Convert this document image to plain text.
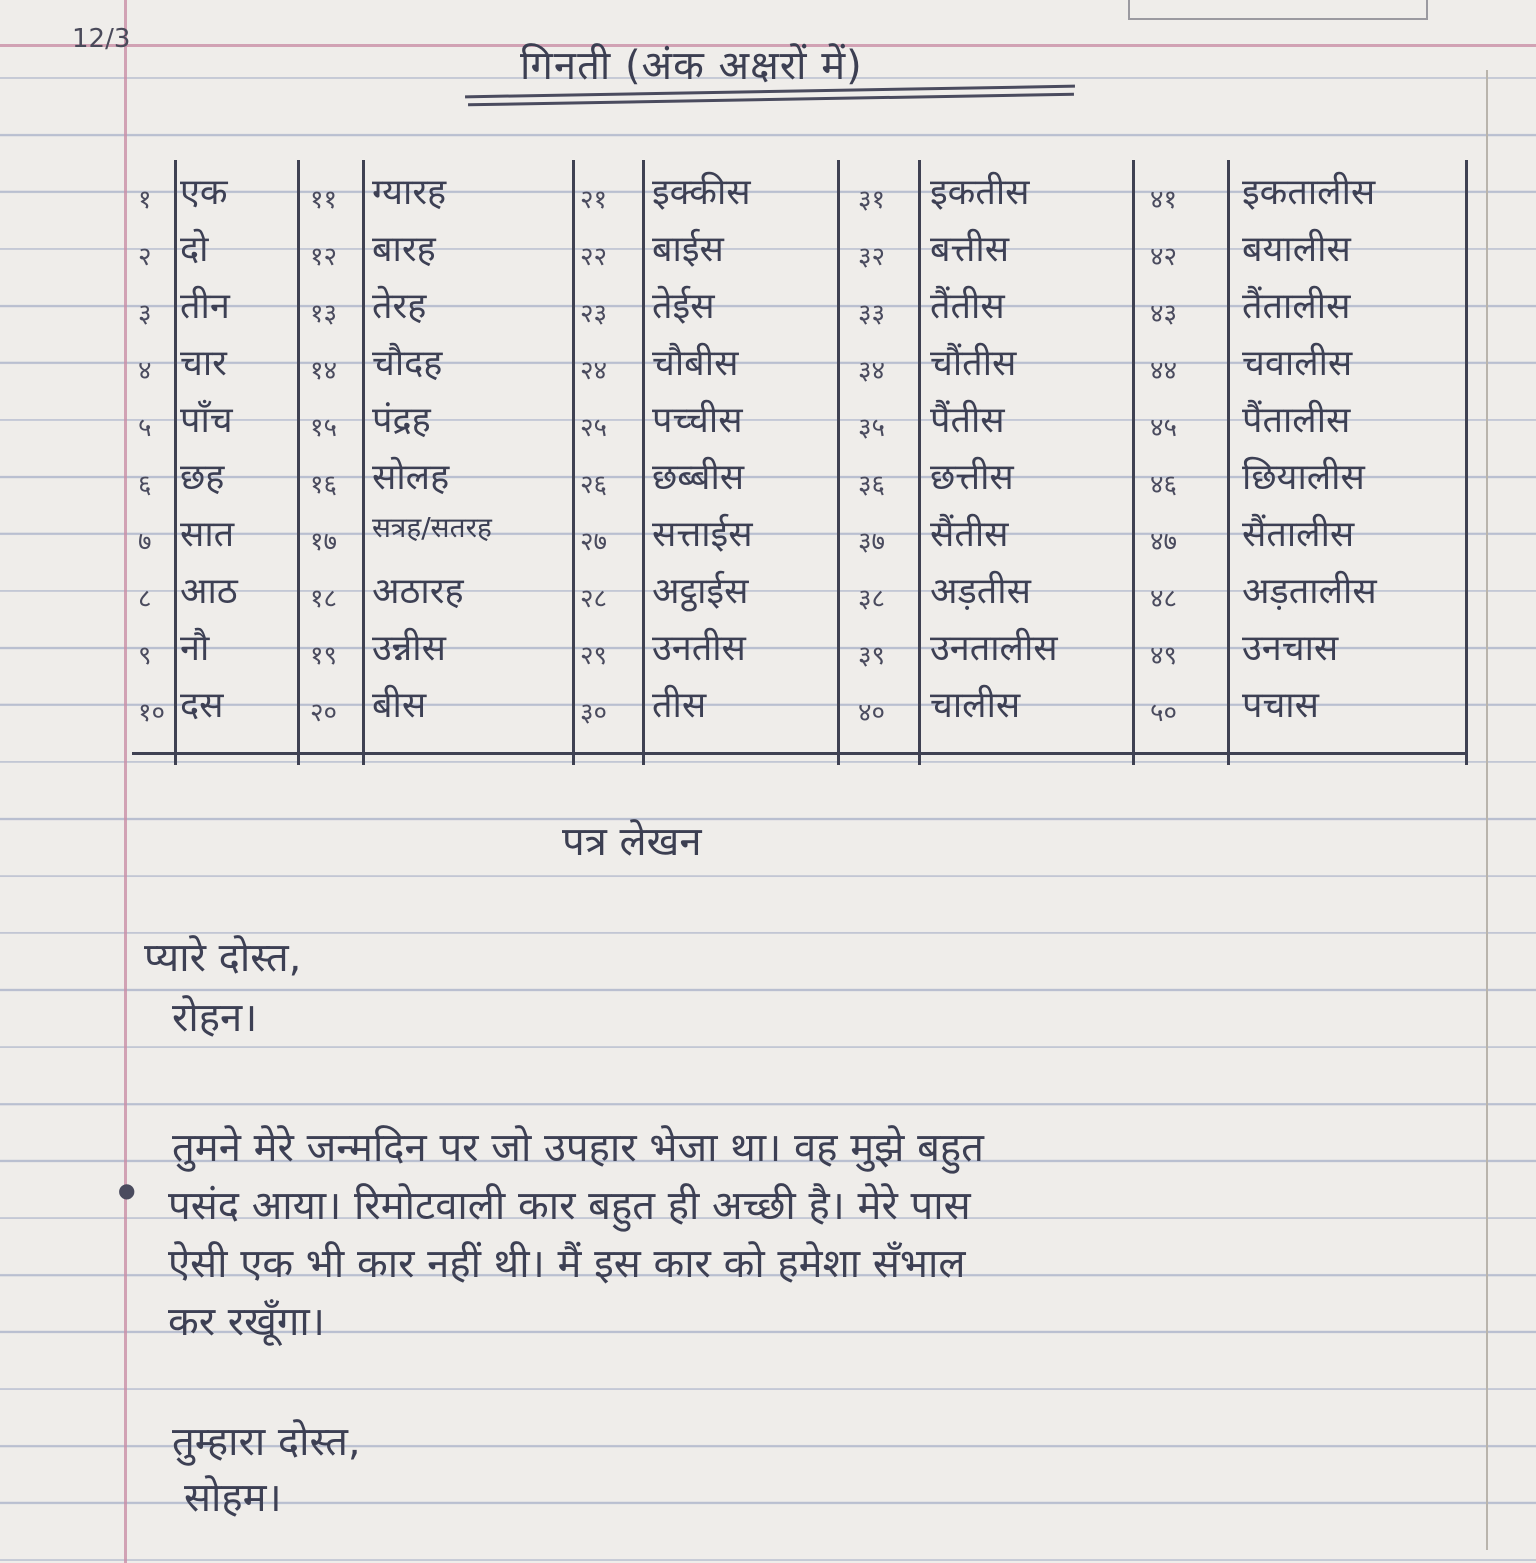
12/3
गिनती (अंक अक्षरों में)
१ एक
२ दो
३ तीन
४ चार
५ पाँच
६ छह
७ सात
८ आठ
९ नौ
१० दस
११ ग्यारह
१२ बारह
१३ तेरह
१४ चौदह
१५ पंद्रह
१६ सोलह
१७ सत्रह/सतरह
१८ अठारह
१९ उन्नीस
२० बीस
२१ इक्कीस
२२ बाईस
२३ तेईस
२४ चौबीस
२५ पच्चीस
२६ छब्बीस
२७ सत्ताईस
२८ अट्ठाईस
२९ उनतीस
३० तीस
३१ इकतीस
३२ बत्तीस
३३ तैंतीस
३४ चौंतीस
३५ पैंतीस
३६ छत्तीस
३७ सैंतीस
३८ अड़तीस
३९ उनतालीस
४० चालीस
४१ इकतालीस
४२ बयालीस
४३ तैंतालीस
४४ चवालीस
४५ पैंतालीस
४६ छियालीस
४७ सैंतालीस
४८ अड़तालीस
४९ उनचास
५० पचास
पत्र लेखन
प्यारे दोस्त,
रोहन।
तुमने मेरे जन्मदिन पर जो उपहार भेजा था। वह मुझे बहुत
● पसंद आया। रिमोटवाली कार बहुत ही अच्छी है। मेरे पास
ऐसी एक भी कार नहीं थी। मैं इस कार को हमेशा सँभाल
कर रखूँगा।
तुम्हारा दोस्त,
सोहम।
